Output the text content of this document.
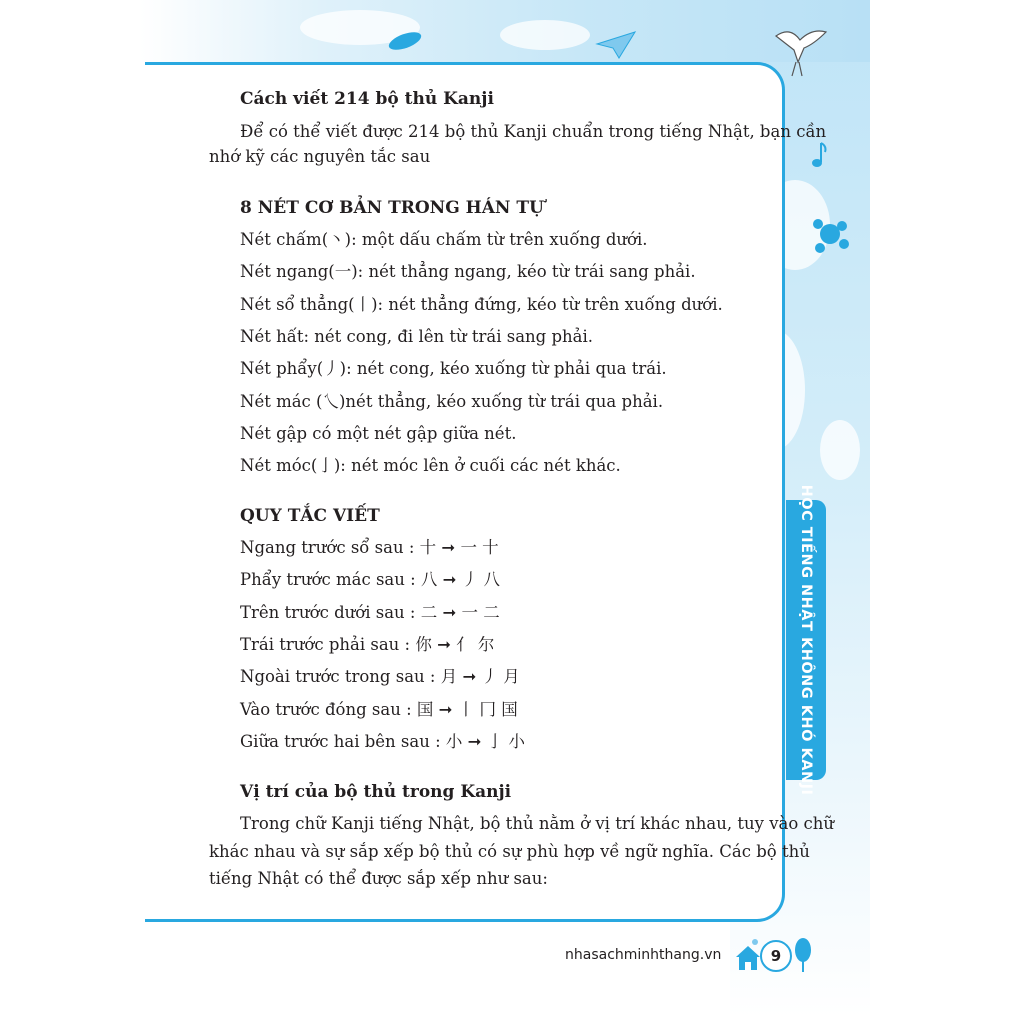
HỌC TIẾNG NHẬT KHÔNG KHÓ KANJI
Cách viết 214 bộ thủ Kanji
Để có thể viết được 214 bộ thủ Kanji chuẩn trong tiếng Nhật, bạn cần
nhớ kỹ các nguyên tắc sau
8 NÉT CƠ BẢN TRONG HÁN TỰ
Nét chấm(丶): một dấu chấm từ trên xuống dưới.
Nét ngang(一): nét thẳng ngang, kéo từ trái sang phải.
Nét sổ thẳng(丨): nét thẳng đứng, kéo từ trên xuống dưới.
Nét hất: nét cong, đi lên từ trái sang phải.
Nét phẩy(丿): nét cong, kéo xuống từ phải qua trái.
Nét mác (乀)nét thẳng, kéo xuống từ trái qua phải.
Nét gập có một nét gập giữa nét.
Nét móc(亅): nét móc lên ở cuối các nét khác.
QUY TẮC VIẾT
Ngang trước sổ sau : 十 ➞ 一 十
Phẩy trước mác sau : 八 ➞ 丿 八
Trên trước dưới sau : 二 ➞ 一 二
Trái trước phải sau : 你 ➞ 亻 尔
Ngoài trước trong sau : 月 ➞ 丿 月
Vào trước đóng sau : 国 ➞ 丨 冂 国
Giữa trước hai bên sau : 小 ➞ 亅 小
Vị trí của bộ thủ trong Kanji
Trong chữ Kanji tiếng Nhật, bộ thủ nằm ở vị trí khác nhau, tuy vào chữ
khác nhau và sự sắp xếp bộ thủ có sự phù hợp về ngữ nghĩa. Các bộ thủ
tiếng Nhật có thể được sắp xếp như sau:
nhasachminhthang.vn	9
